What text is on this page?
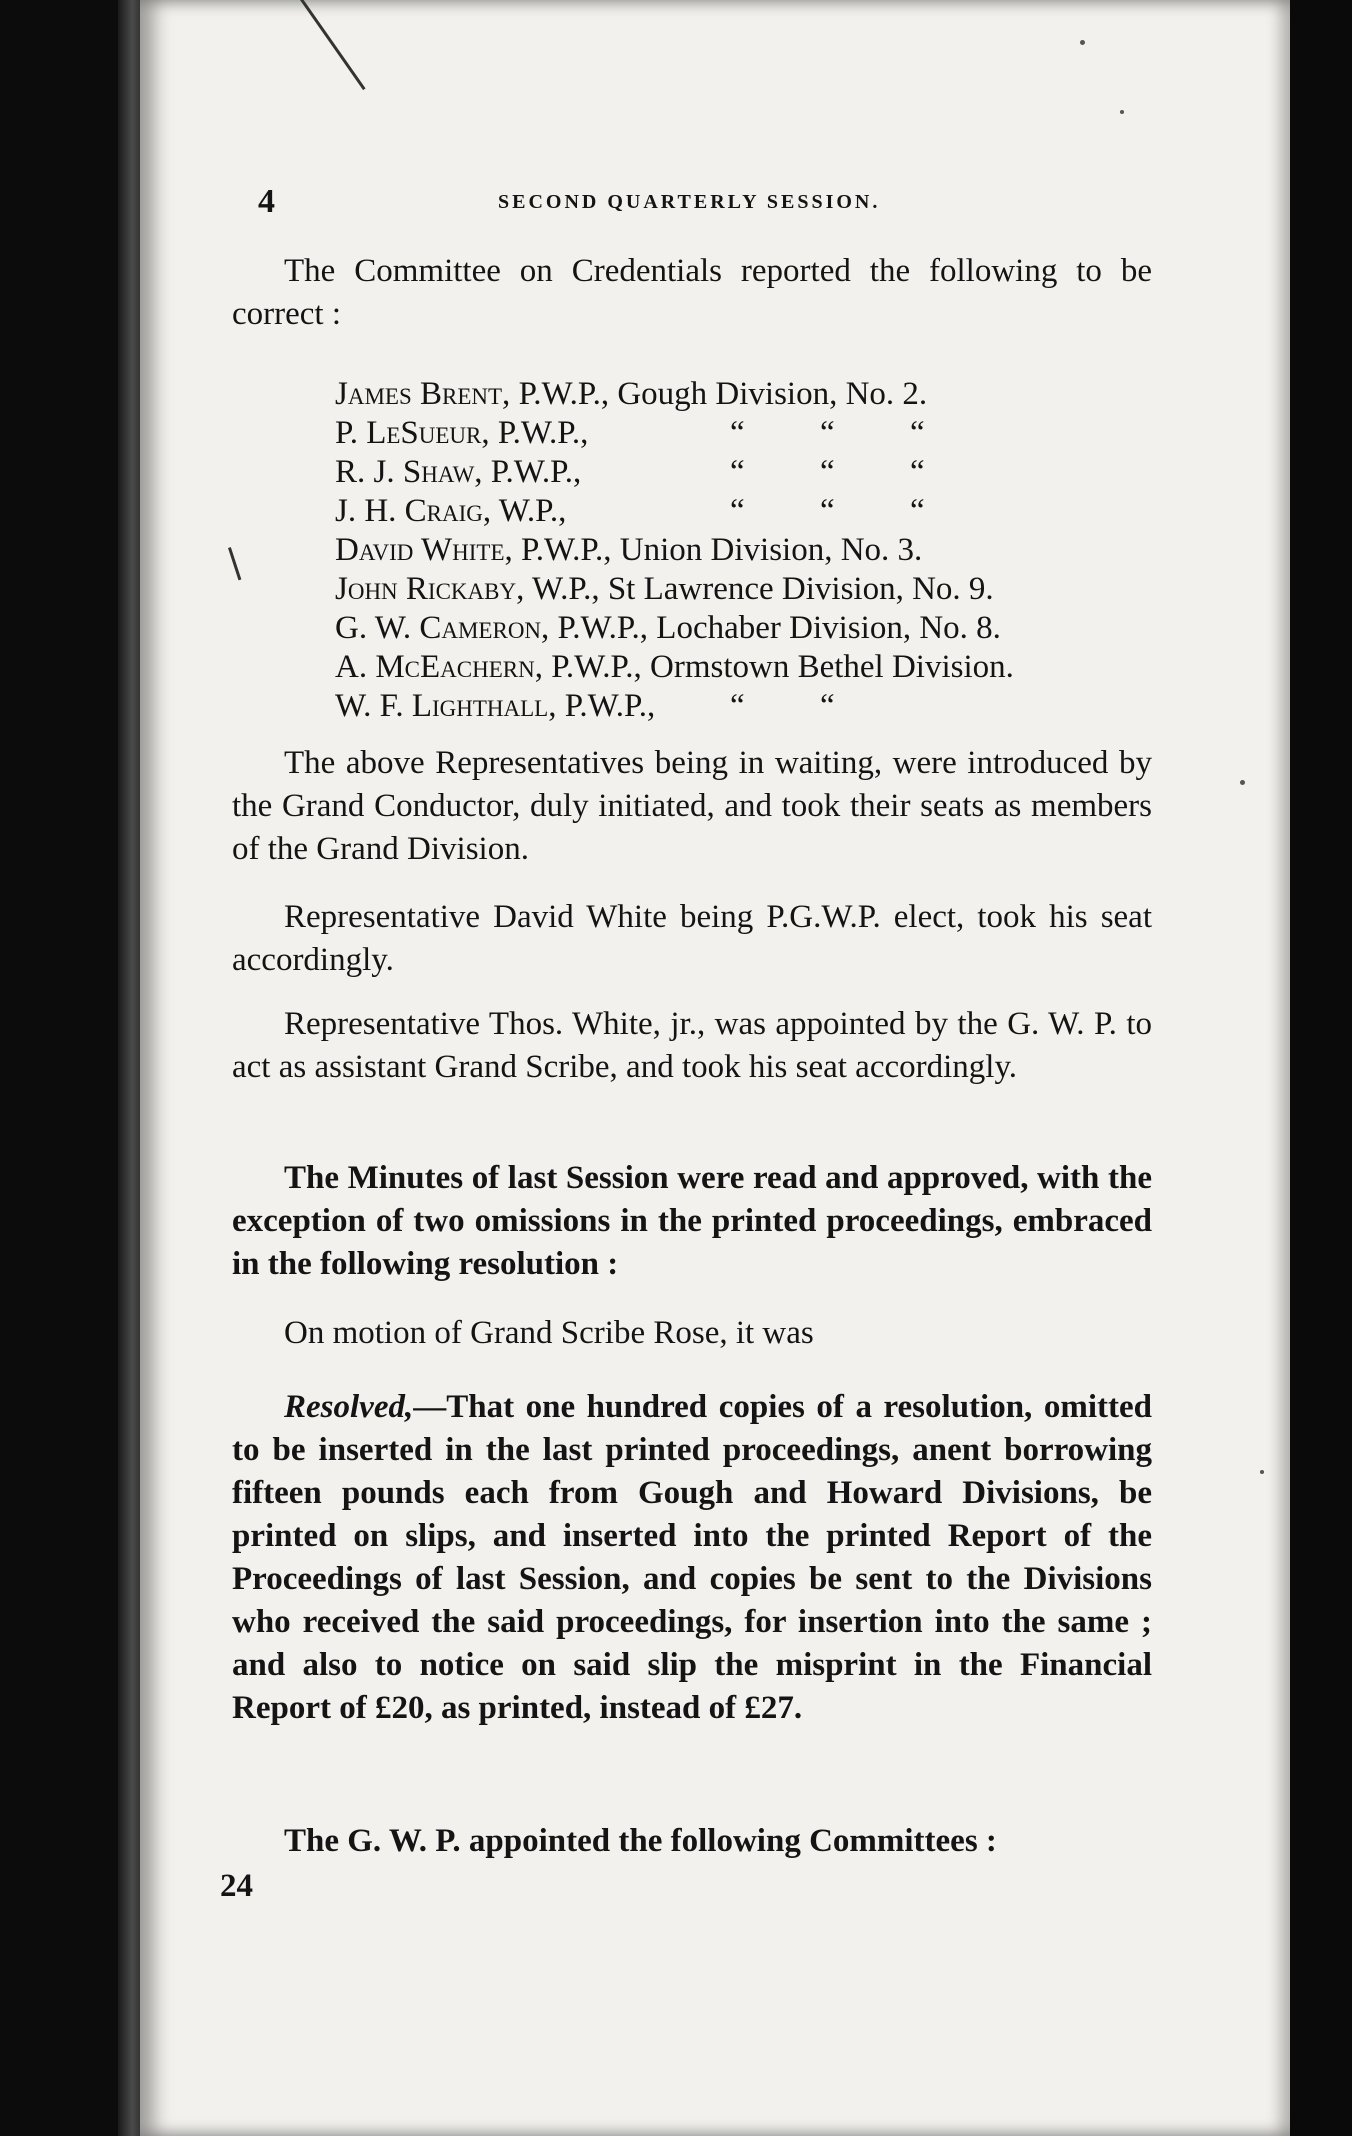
4	SECOND QUARTERLY SESSION.

The Committee on Credentials reported the following to be correct :

James Brent, P.W.P., Gough Division, No. 2.
P. LeSueur, P.W.P.,	“ “ “
R. J. Shaw, P.W.P.,	“ “ “
J. H. Craig, W.P.,	“ “ “
David White, P.W.P., Union Division, No. 3.
John Rickaby, W.P., St Lawrence Division, No. 9.
G. W. Cameron, P.W.P., Lochaber Division, No. 8.
A. McEachern, P.W.P., Ormstown Bethel Division.
W. F. Lighthall, P.W.P., “ “

The above Representatives being in waiting, were introduced by the Grand Conductor, duly initiated, and took their seats as members of the Grand Division.

Representative David White being P.G.W.P. elect, took his seat accordingly.

Representative Thos. White, jr., was appointed by the G. W. P. to act as assistant Grand Scribe, and took his seat accordingly.

The Minutes of last Session were read and approved, with the exception of two omissions in the printed proceedings, embraced in the following resolution :

On motion of Grand Scribe Rose, it was

Resolved,—That one hundred copies of a resolution, omitted to be inserted in the last printed proceedings, anent borrowing fifteen pounds each from Gough and Howard Divisions, be printed on slips, and inserted into the printed Report of the Proceedings of last Session, and copies be sent to the Divisions who received the said proceedings, for insertion into the same ; and also to notice on said slip the misprint in the Financial Report of £20, as printed, instead of £27.

The G. W. P. appointed the following Committees :

24
